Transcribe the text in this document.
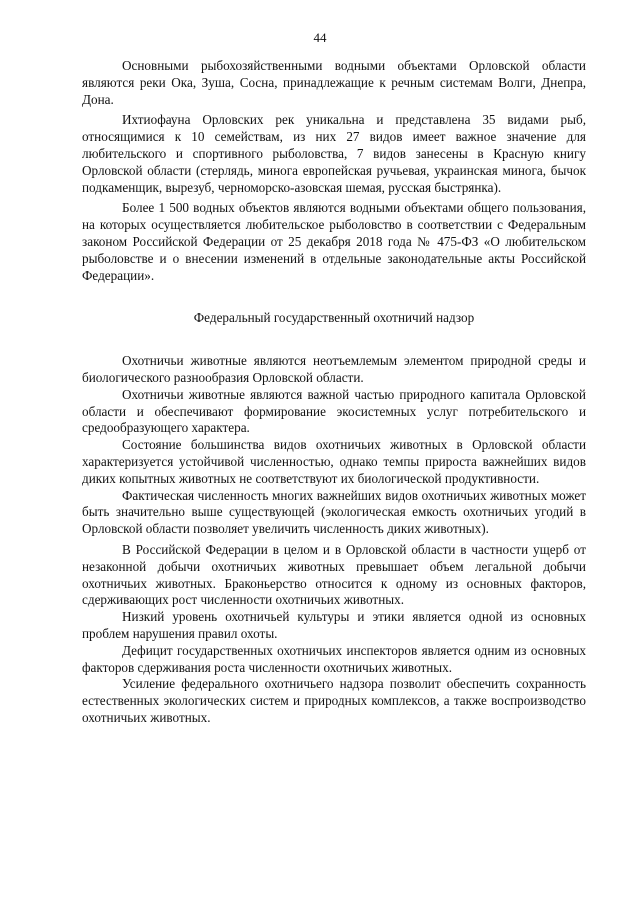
44

Основными рыбохозяйственными водными объектами Орловской области являются реки Ока, Зуша, Сосна, принадлежащие к речным системам Волги, Днепра, Дона.

Ихтиофауна Орловских рек уникальна и представлена 35 видами рыб, относящимися к 10 семействам, из них 27 видов имеет важное значение для любительского и спортивного рыболовства, 7 видов занесены в Красную книгу Орловской области (стерлядь, минога европейская ручьевая, украинская минога, бычок подкаменщик, вырезуб, черноморско-азовская шемая, русская быстрянка).

Более 1 500 водных объектов являются водными объектами общего пользования, на которых осуществляется любительское рыболовство в соответствии с Федеральным законом Российской Федерации от 25 декабря 2018 года № 475-ФЗ «О любительском рыболовстве и о внесении изменений в отдельные законодательные акты Российской Федерации».

Федеральный государственный охотничий надзор

Охотничьи животные являются неотъемлемым элементом природной среды и биологического разнообразия Орловской области.

Охотничьи животные являются важной частью природного капитала Орловской области и обеспечивают формирование экосистемных услуг потребительского и средообразующего характера.

Состояние большинства видов охотничьих животных в Орловской области характеризуется устойчивой численностью, однако темпы прироста важнейших видов диких копытных животных не соответствуют их биологической продуктивности.

Фактическая численность многих важнейших видов охотничьих животных может быть значительно выше существующей (экологическая емкость охотничьих угодий в Орловской области позволяет увеличить численность диких животных).

В Российской Федерации в целом и в Орловской области в частности ущерб от незаконной добычи охотничьих животных превышает объем легальной добычи охотничьих животных. Браконьерство относится к одному из основных факторов, сдерживающих рост численности охотничьих животных.

Низкий уровень охотничьей культуры и этики является одной из основных проблем нарушения правил охоты.

Дефицит государственных охотничьих инспекторов является одним из основных факторов сдерживания роста численности охотничьих животных.

Усиление федерального охотничьего надзора позволит обеспечить сохранность естественных экологических систем и природных комплексов, а также воспроизводство охотничьих животных.
